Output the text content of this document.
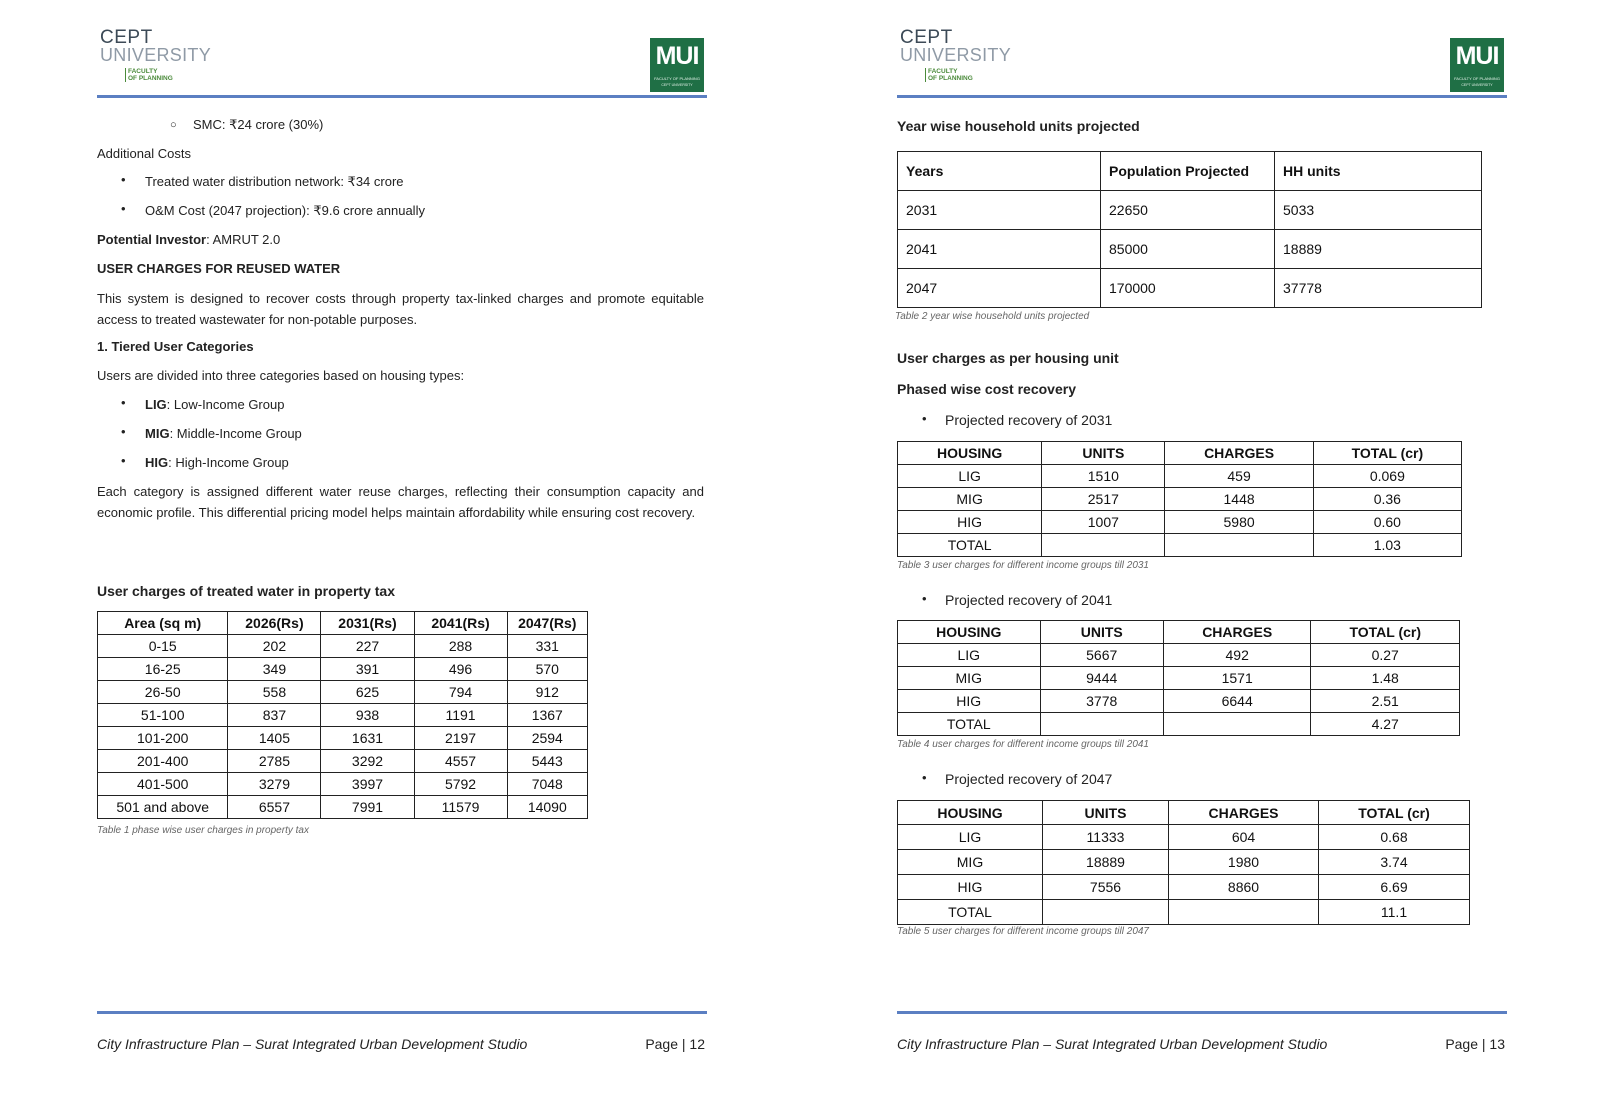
CEPT
UNIVERSITY
FACULTY
OF PLANNING
MUI
FACULTY OF PLANNING
CEPT UNIVERSITY
○ SMC: ₹24 crore (30%)
Additional Costs
• Treated water distribution network: ₹34 crore
• O&M Cost (2047 projection): ₹9.6 crore annually
Potential Investor: AMRUT 2.0
USER CHARGES FOR REUSED WATER
This system is designed to recover costs through property tax-linked charges and promote equitable access to treated wastewater for non-potable purposes.
1. Tiered User Categories
Users are divided into three categories based on housing types:
• LIG: Low-Income Group
• MIG: Middle-Income Group
• HIG: High-Income Group
Each category is assigned different water reuse charges, reflecting their consumption capacity and economic profile. This differential pricing model helps maintain affordability while ensuring cost recovery.
User charges of treated water in property tax
Area (sq m)	2026(Rs)	2031(Rs)	2041(Rs)	2047(Rs)
0-15	202	227	288	331
16-25	349	391	496	570
26-50	558	625	794	912
51-100	837	938	1191	1367
101-200	1405	1631	2197	2594
201-400	2785	3292	4557	5443
401-500	3279	3997	5792	7048
501 and above	6557	7991	11579	14090
Table 1 phase wise user charges in property tax
City Infrastructure Plan – Surat Integrated Urban Development Studio	Page | 12
CEPT
UNIVERSITY
FACULTY
OF PLANNING
MUI
FACULTY OF PLANNING
CEPT UNIVERSITY
Year wise household units projected
Years	Population Projected	HH units
2031	22650	5033
2041	85000	18889
2047	170000	37778
Table 2 year wise household units projected
User charges as per housing unit
Phased wise cost recovery
• Projected recovery of 2031
HOUSING	UNITS	CHARGES	TOTAL (cr)
LIG	1510	459	0.069
MIG	2517	1448	0.36
HIG	1007	5980	0.60
TOTAL			1.03
Table 3 user charges for different income groups till 2031
• Projected recovery of 2041
HOUSING	UNITS	CHARGES	TOTAL (cr)
LIG	5667	492	0.27
MIG	9444	1571	1.48
HIG	3778	6644	2.51
TOTAL			4.27
Table 4 user charges for different income groups till 2041
• Projected recovery of 2047
HOUSING	UNITS	CHARGES	TOTAL (cr)
LIG	11333	604	0.68
MIG	18889	1980	3.74
HIG	7556	8860	6.69
TOTAL			11.1
Table 5 user charges for different income groups till 2047
City Infrastructure Plan – Surat Integrated Urban Development Studio	Page | 13
